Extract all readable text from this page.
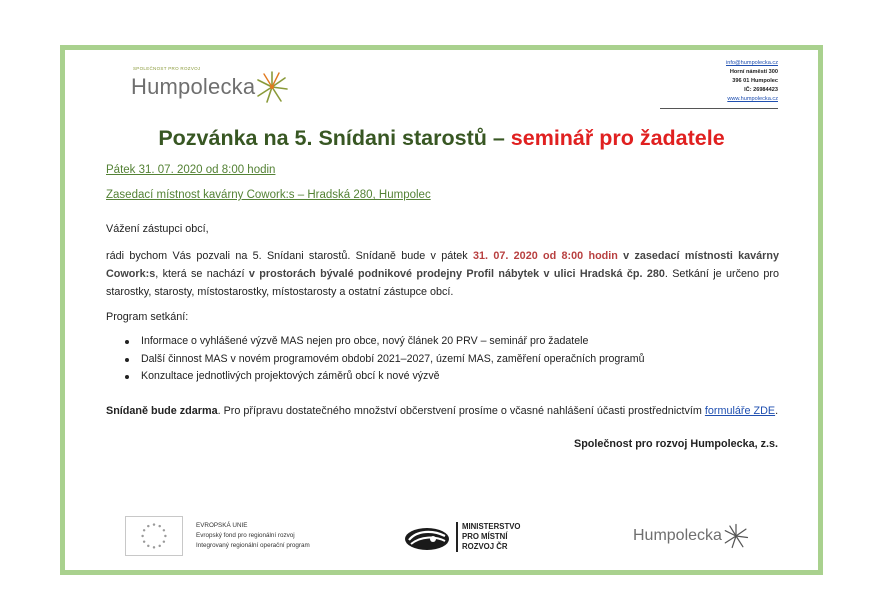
SPOLEČNOST PRO ROZVOJ
Humpolecka
info@humpolecka.cz
Horní náměstí 300
396 01 Humpolec
IČ: 26984423
www.humpolecka.cz
Pozvánka na 5. Snídani starostů – seminář pro žadatele
Pátek 31. 07. 2020 od 8:00 hodin
Zasedací místnost kavárny Cowork:s – Hradská 280, Humpolec
Vážení zástupci obcí,
rádi bychom Vás pozvali na 5. Snídani starostů. Snídaně bude v pátek 31. 07. 2020 od 8:00 hodin v zasedací místnosti kavárny Cowork:s, která se nachází v prostorách bývalé podnikové prodejny Profil nábytek v ulici Hradská čp. 280. Setkání je určeno pro starostky, starosty, místostarostky, místostarosty a ostatní zástupce obcí.
Program setkání:
Informace o vyhlášené výzvě MAS nejen pro obce, nový článek 20 PRV – seminář pro žadatele
Další činnost MAS v novém programovém období 2021–2027, území MAS, zaměření operačních programů
Konzultace jednotlivých projektových záměrů obcí k nové výzvě
Snídaně bude zdarma. Pro přípravu dostatečného množství občerstvení prosíme o včasné nahlášení účasti prostřednictvím formuláře ZDE.
Společnost pro rozvoj Humpolecka, z.s.
EVROPSKÁ UNIE
Evropský fond pro regionální rozvoj
Integrovaný regionální operační program
MINISTERSTVO
PRO MÍSTNÍ
ROZVOJ ČR
Humpolecka
